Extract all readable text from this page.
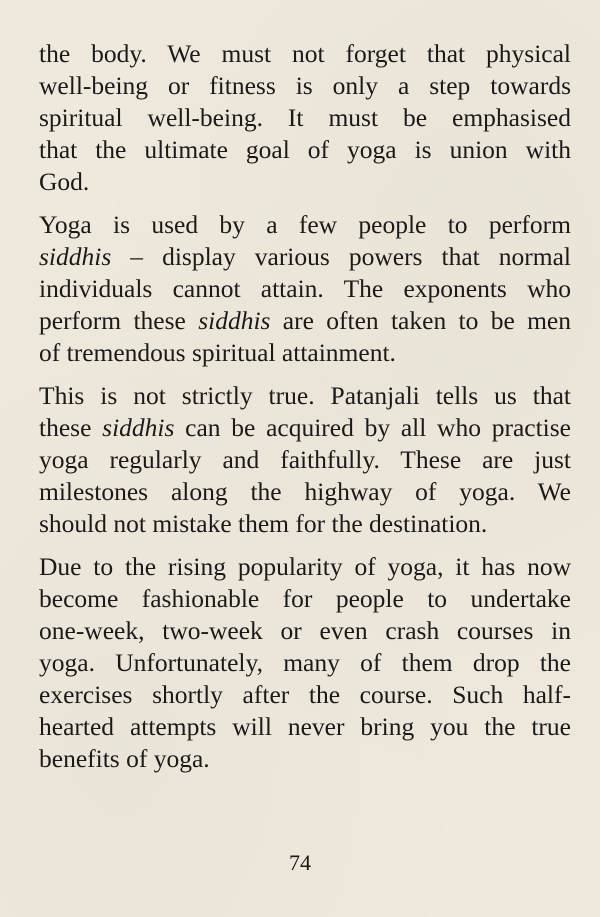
the body. We must not forget that physical
well-being or fitness is only a step towards
spiritual well-being. It must be emphasised
that the ultimate goal of yoga is union with
God.
Yoga is used by a few people to perform
siddhis – display various powers that normal
individuals cannot attain. The exponents who
perform these siddhis are often taken to be men
of tremendous spiritual attainment.
This is not strictly true. Patanjali tells us that
these siddhis can be acquired by all who practise
yoga regularly and faithfully. These are just
milestones along the highway of yoga. We
should not mistake them for the destination.
Due to the rising popularity of yoga, it has now
become fashionable for people to undertake
one-week, two-week or even crash courses in
yoga. Unfortunately, many of them drop the
exercises shortly after the course. Such half-
hearted attempts will never bring you the true
benefits of yoga.
74
